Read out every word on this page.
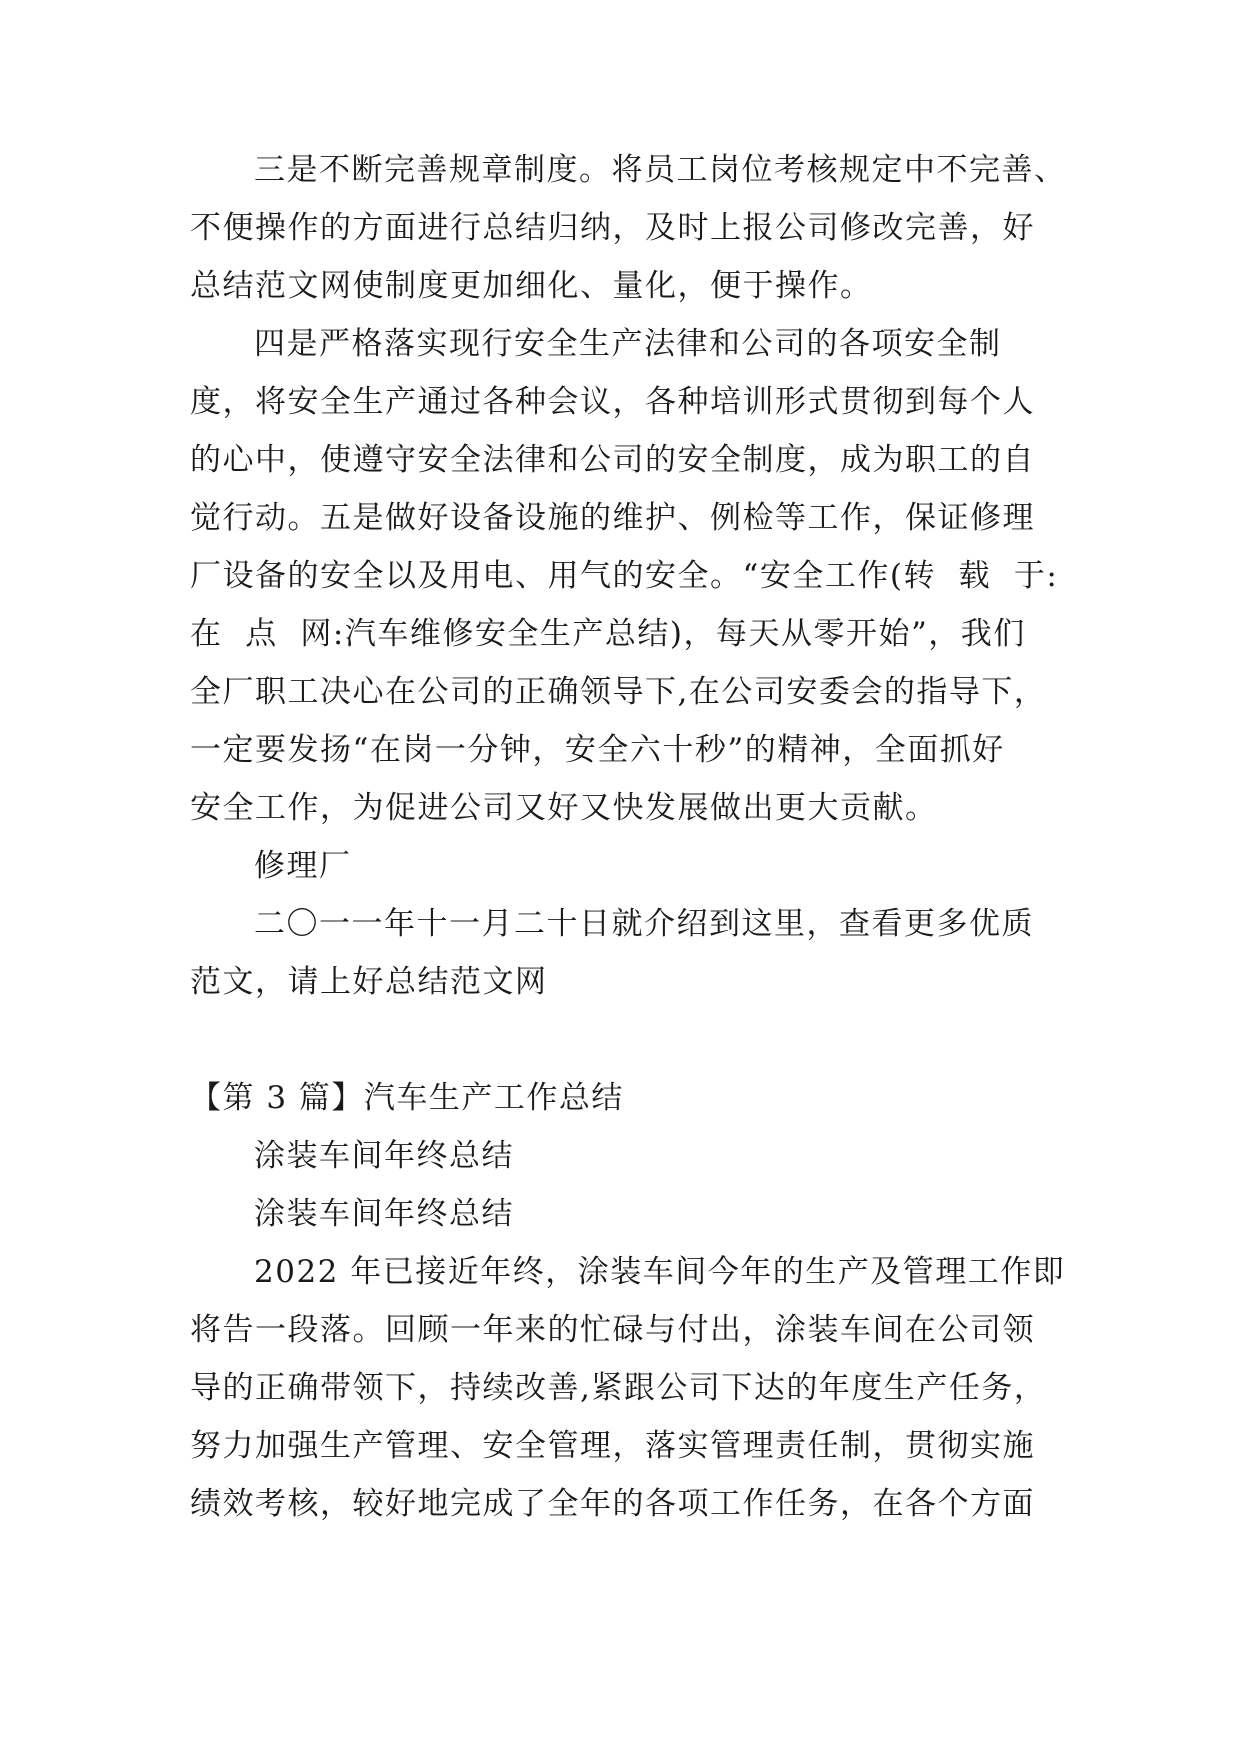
三是不断完善规章制度。将员工岗位考核规定中不完善、
不便操作的方面进行总结归纳，及时上报公司修改完善，好
总结范文网使制度更加细化、量化，便于操作。
四是严格落实现行安全生产法律和公司的各项安全制
度，将安全生产通过各种会议，各种培训形式贯彻到每个人
的心中，使遵守安全法律和公司的安全制度，成为职工的自
觉行动。五是做好设备设施的维护、例检等工作，保证修理
厂设备的安全以及用电、用气的安全。“安全工作(转  载  于:
在  点  网:汽车维修安全生产总结)，每天从零开始”，我们
全厂职工决心在公司的正确领导下,在公司安委会的指导下，
一定要发扬“在岗一分钟，安全六十秒”的精神，全面抓好
安全工作，为促进公司又好又快发展做出更大贡献。
修理厂
二〇一一年十一月二十日就介绍到这里，查看更多优质
范文，请上好总结范文网
【第 3 篇】汽车生产工作总结
涂装车间年终总结
涂装车间年终总结
2022 年已接近年终，涂装车间今年的生产及管理工作即
将告一段落。回顾一年来的忙碌与付出，涂装车间在公司领
导的正确带领下，持续改善,紧跟公司下达的年度生产任务，
努力加强生产管理、安全管理，落实管理责任制，贯彻实施
绩效考核，较好地完成了全年的各项工作任务，在各个方面
